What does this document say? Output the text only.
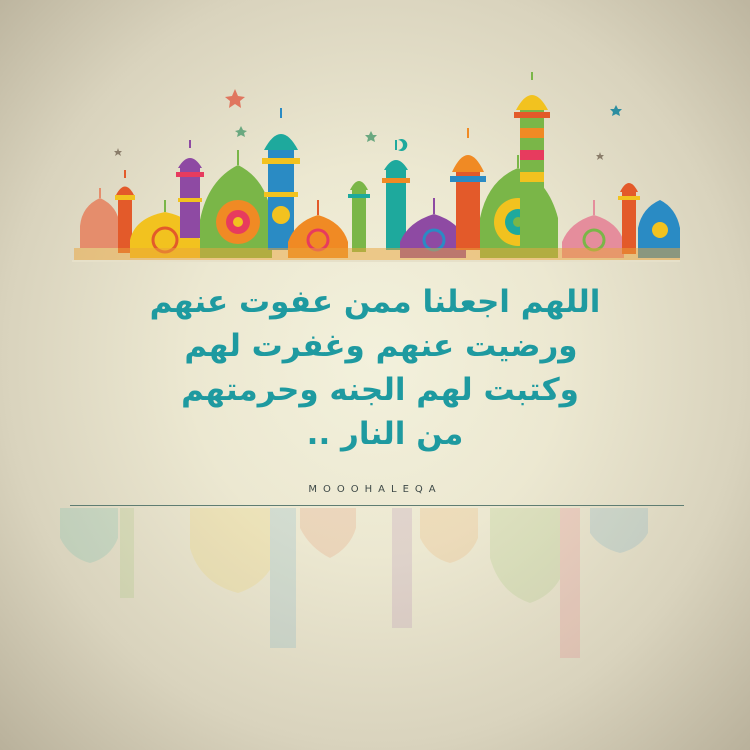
اللهم اجعلنا ممن عفوت عنهم
ورضيت عنهم وغفرت لهم
وكتبت لهم الجنه وحرمتهم
من النار ..
MOOOHALEQA
